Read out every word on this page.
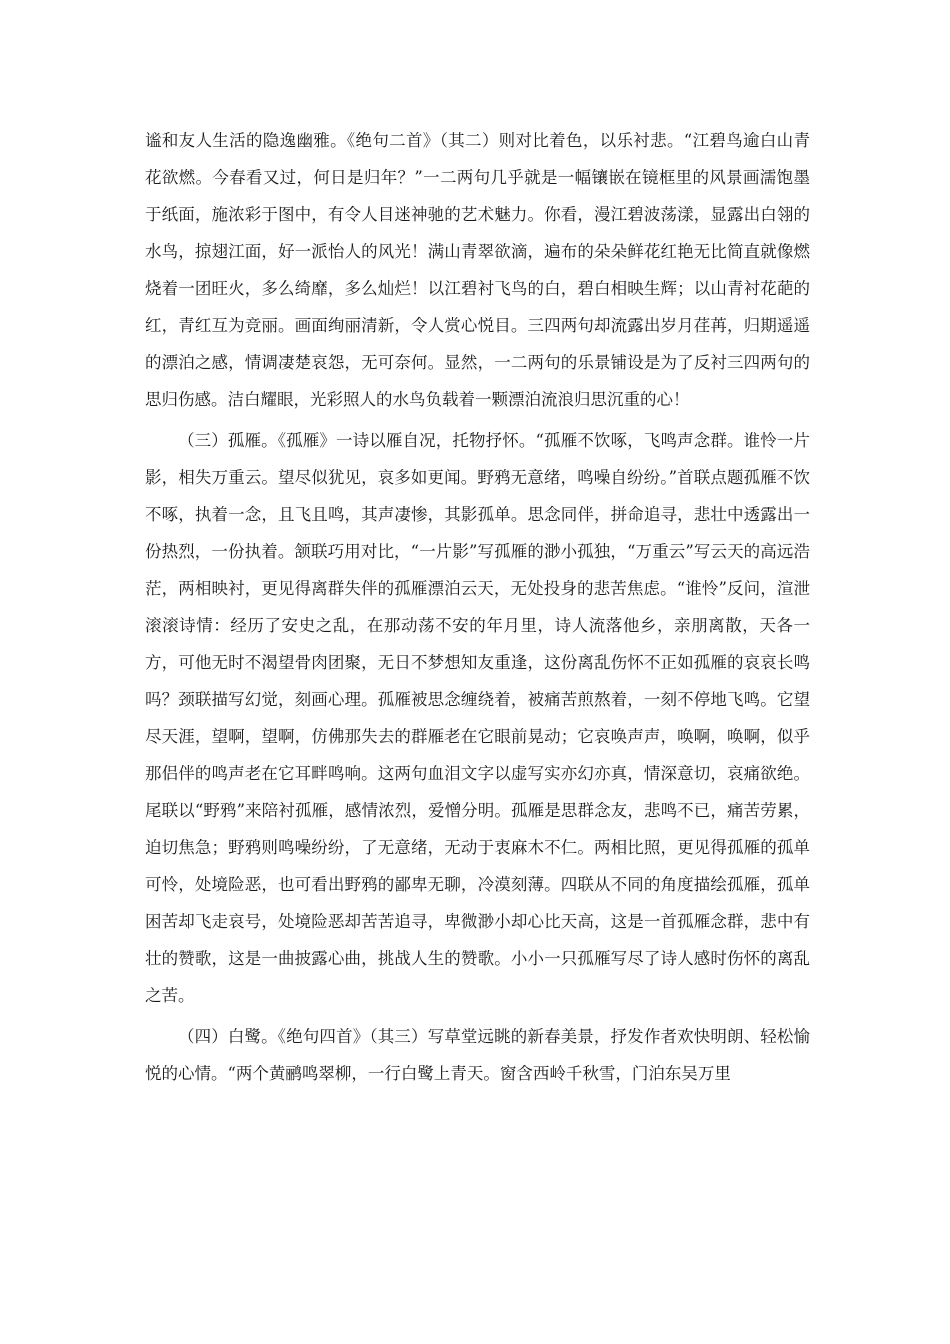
谧和友人生活的隐逸幽雅。《绝句二首》（其二）则对比着色，以乐衬悲。“江碧鸟逾白山青花欲燃。今春看又过，何日是归年？”一二两句几乎就是一幅镶嵌在镜框里的风景画濡饱墨于纸面，施浓彩于图中，有令人目迷神驰的艺术魅力。你看，漫江碧波荡漾，显露出白翎的水鸟，掠翅江面，好一派怡人的风光！满山青翠欲滴，遍布的朵朵鲜花红艳无比简直就像燃烧着一团旺火，多么绮靡，多么灿烂！以江碧衬飞鸟的白，碧白相映生辉；以山青衬花葩的红，青红互为竞丽。画面绚丽清新，令人赏心悦目。三四两句却流露出岁月荏苒，归期遥遥的漂泊之感，情调凄楚哀怨，无可奈何。显然，一二两句的乐景铺设是为了反衬三四两句的思归伤感。洁白耀眼，光彩照人的水鸟负载着一颗漂泊流浪归思沉重的心！

（三）孤雁。《孤雁》一诗以雁自况，托物抒怀。“孤雁不饮啄，飞鸣声念群。谁怜一片影，相失万重云。望尽似犹见，哀多如更闻。野鸦无意绪，鸣噪自纷纷。”首联点题孤雁不饮不啄，执着一念，且飞且鸣，其声凄惨，其影孤单。思念同伴，拼命追寻，悲壮中透露出一份热烈，一份执着。颔联巧用对比，“一片影”写孤雁的渺小孤独，“万重云”写云天的高远浩茫，两相映衬，更见得离群失伴的孤雁漂泊云天，无处投身的悲苦焦虑。“谁怜”反问，渲泄滚滚诗情：经历了安史之乱，在那动荡不安的年月里，诗人流落他乡，亲朋离散，天各一方，可他无时不渴望骨肉团聚，无日不梦想知友重逢，这份离乱伤怀不正如孤雁的哀哀长鸣吗？颈联描写幻觉，刻画心理。孤雁被思念缠绕着，被痛苦煎熬着，一刻不停地飞鸣。它望尽天涯，望啊，望啊，仿佛那失去的群雁老在它眼前晃动；它哀唤声声，唤啊，唤啊，似乎那侣伴的鸣声老在它耳畔鸣响。这两句血泪文字以虚写实亦幻亦真，情深意切，哀痛欲绝。尾联以“野鸦”来陪衬孤雁，感情浓烈，爱憎分明。孤雁是思群念友，悲鸣不已，痛苦劳累，迫切焦急；野鸦则鸣噪纷纷，了无意绪，无动于衷麻木不仁。两相比照，更见得孤雁的孤单可怜，处境险恶，也可看出野鸦的鄙卑无聊，冷漠刻薄。四联从不同的角度描绘孤雁，孤单困苦却飞走哀号，处境险恶却苦苦追寻，卑微渺小却心比天高，这是一首孤雁念群，悲中有壮的赞歌，这是一曲披露心曲，挑战人生的赞歌。小小一只孤雁写尽了诗人感时伤怀的离乱之苦。

（四）白鹭。《绝句四首》（其三）写草堂远眺的新春美景，抒发作者欢快明朗、轻松愉悦的心情。“两个黄鹂鸣翠柳，一行白鹭上青天。窗含西岭千秋雪，门泊东吴万里
